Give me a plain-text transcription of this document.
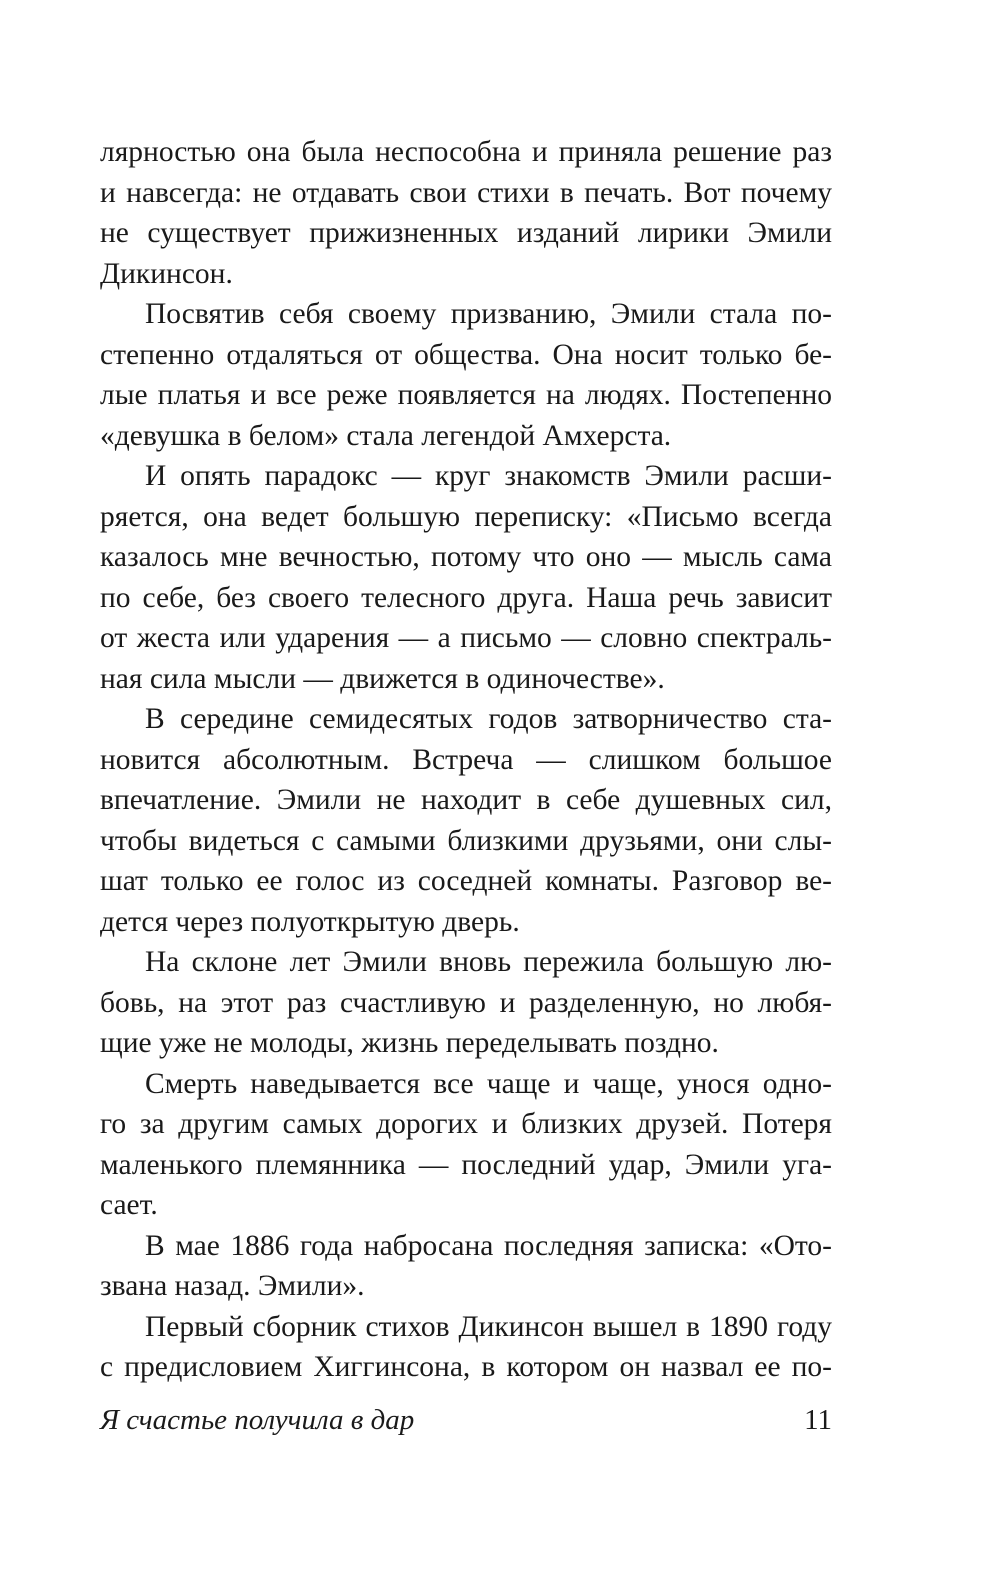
лярностью она была неспособна и приняла решение раз
и навсегда: не отдавать свои стихи в печать. Вот почему
не существует прижизненных изданий лирики Эмили
Дикинсон.

Посвятив себя своему призванию, Эмили стала по-
степенно отдаляться от общества. Она носит только бе-
лые платья и все реже появляется на людях. Постепенно
«девушка в белом» стала легендой Амхерста.

И опять парадокс — круг знакомств Эмили расши-
ряется, она ведет большую переписку: «Письмо всегда
казалось мне вечностью, потому что оно — мысль сама
по себе, без своего телесного друга. Наша речь зависит
от жеста или ударения — а письмо — словно спектраль-
ная сила мысли — движется в одиночестве».

В середине семидесятых годов затворничество ста-
новится абсолютным. Встреча — слишком большое
впечатление. Эмили не находит в себе душевных сил,
чтобы видеться с самыми близкими друзьями, они слы-
шат только ее голос из соседней комнаты. Разговор ве-
дется через полуоткрытую дверь.

На склоне лет Эмили вновь пережила большую лю-
бовь, на этот раз счастливую и разделенную, но любя-
щие уже не молоды, жизнь переделывать поздно.

Смерть наведывается все чаще и чаще, унося одно-
го за другим самых дорогих и близких друзей. Потеря
маленького племянника — последний удар, Эмили уга-
сает.

В мае 1886 года набросана последняя записка: «Ото-
звана назад. Эмили».

Первый сборник стихов Дикинсон вышел в 1890 году
с предисловием Хиггинсона, в котором он назвал ее по-

Я счастье получила в дар	11
